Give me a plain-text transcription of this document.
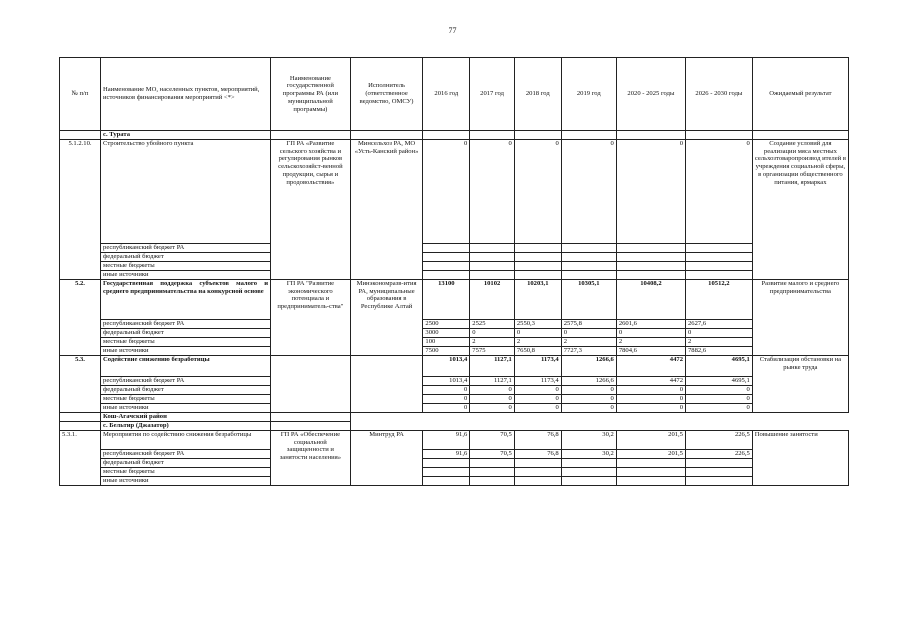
77
№ п/п	Наименование МО, населенных пунктов, мероприятий, источников финансирования мероприятий <*>	Наименование государственной программы РА (или муниципальной программы)	Исполнитель (ответственное ведомство, ОМСУ)	2016 год	2017 год	2018 год	2019 год	2020 - 2025 годы	2026 - 2030 годы	Ожидаемый результат
	с. Турата									
5.1.2.10.	Строительство убойного пункта	ГП РА «Развитие сельского хозяйства и регулирования рынков сельскохозяйст-венной продукции, сырья и продовольствия»	Минсельхоз РА, МО «Усть-Канский район»	0	0	0	0	0	0	Создание условий для реализации мяса местных сельхозтоваропроизвод ителей в учреждения социальной сферы, в организации общественного питания, ярмарках
	республиканский бюджет РА									
	федеральный бюджет									
	местные бюджеты									
	иные источники									
5.2.	Государственная поддержка субъектов малого и среднего предпринимательства на конкурсной основе	ГП РА "Развитие экономического потенциала и предприниматель-ства"	Минэкономразв-ития РА, муниципальные образования в Республике Алтай	13100	10102	10203,1	10305,1	10408,2	10512,2	Развитие малого и среднего предпринимательства
	республиканский бюджет РА			2500	2525	2550,3	2575,8	2601,6	2627,6	
	федеральный бюджет			3000	0	0	0	0	0	
	местные бюджеты			100	2	2	2	2	2	
	иные источники			7500	7575	7650,8	7727,3	7804,6	7882,6	
5.3.	Содействие снижению безработицы			1013,4	1127,1	1173,4	1266,6	4472	4695,1	Стабилизация обстановки на рынке труда
	республиканский бюджет РА			1013,4	1127,1	1173,4	1266,6	4472	4695,1	
	федеральный бюджет			0	0	0	0	0	0	
	местные бюджеты			0	0	0	0	0	0	
	иные источники			0	0	0	0	0	0	
	Кош-Агачский район									
	с. Бельтир (Джазатор)									
5.3.1.	Мероприятия по содействию снижения безработицы	ГП РА «Обеспечение социальной защищенности и занятости населения»	Минтруд РА	91,6	70,5	76,8	30,2	201,5	226,5	Повышение занятости
	республиканский бюджет РА			91,6	70,5	76,8	30,2	201,5	226,5	
	федеральный бюджет									
	местные бюджеты									
	иные источники									
